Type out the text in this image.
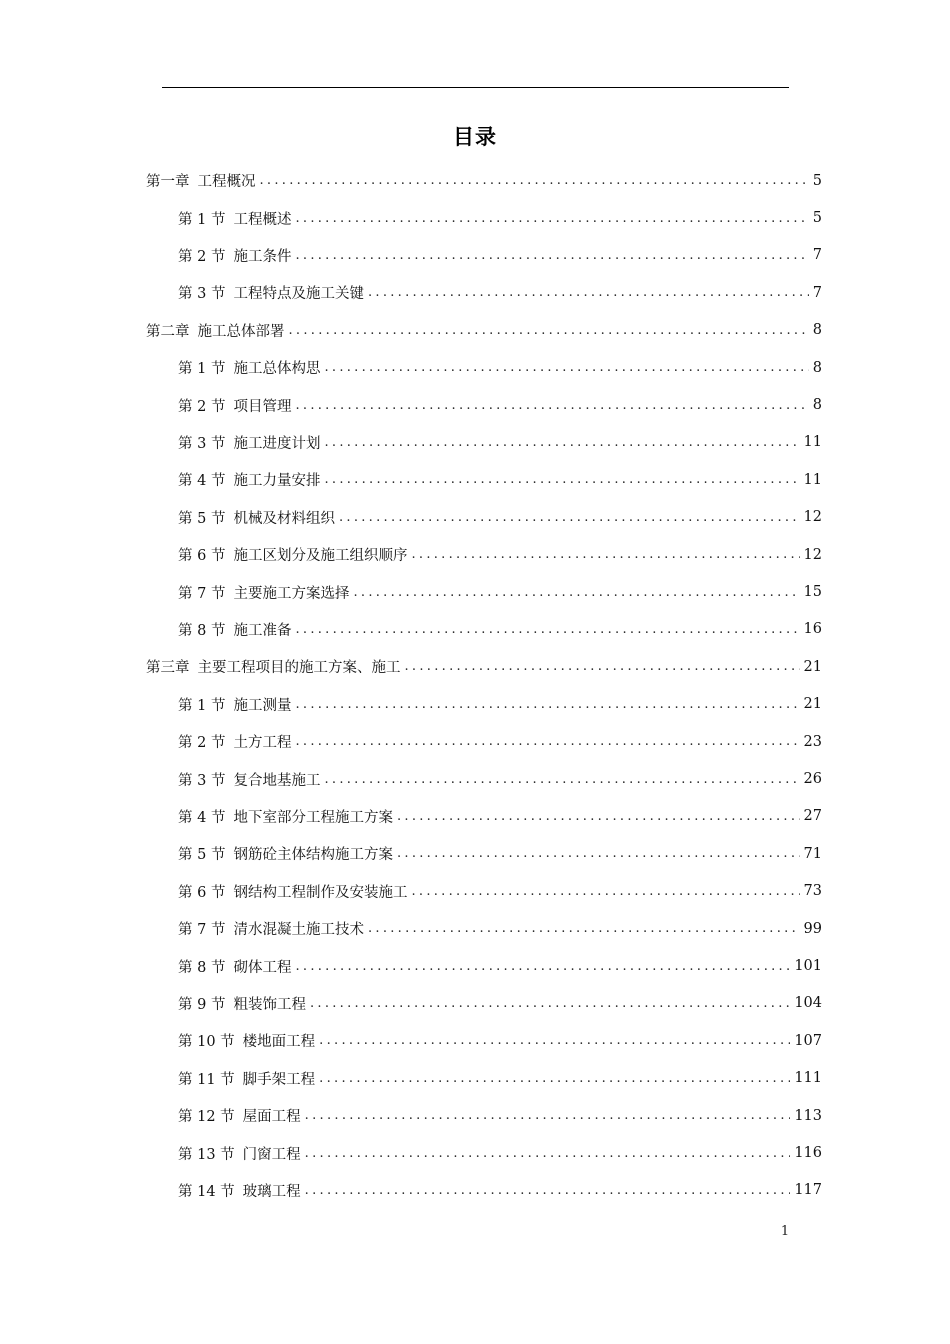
目录
第一章 工程概况 .....	5
第 1 节 工程概述 .....	5
第 2 节 施工条件 .....	7
第 3 节 工程特点及施工关键 .....	7
第二章 施工总体部署 .....	8
第 1 节 施工总体构思 .....	8
第 2 节 项目管理 .....	8
第 3 节 施工进度计划 .....	11
第 4 节 施工力量安排 .....	11
第 5 节 机械及材料组织 .....	12
第 6 节 施工区划分及施工组织顺序 .....	12
第 7 节 主要施工方案选择 .....	15
第 8 节 施工准备 .....	16
第三章 主要工程项目的施工方案、施工 .....	21
第 1 节 施工测量 .....	21
第 2 节 土方工程 .....	23
第 3 节 复合地基施工 .....	26
第 4 节 地下室部分工程施工方案 .....	27
第 5 节 钢筋砼主体结构施工方案 .....	71
第 6 节 钢结构工程制作及安装施工 .....	73
第 7 节 清水混凝土施工技术 .....	99
第 8 节 砌体工程 .....	101
第 9 节 粗装饰工程 .....	104
第 10 节 楼地面工程 .....	107
第 11 节 脚手架工程 .....	111
第 12 节 屋面工程 .....	113
第 13 节 门窗工程 .....	116
第 14 节 玻璃工程 .....	117
1
